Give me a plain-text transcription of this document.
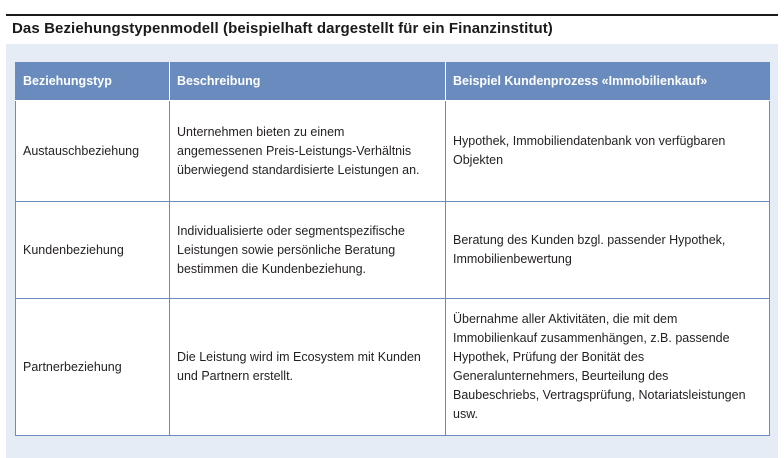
Das Beziehungstypenmodell (beispielhaft dargestellt für ein Finanzinstitut)
Beziehungstyp	Beschreibung	Beispiel Kundenprozess «Immobilienkauf»
Austauschbeziehung	Unternehmen bieten zu einem angemessenen Preis-Leistungs-Verhältnis überwiegend standardisierte Leistungen an.	Hypothek, Immobiliendatenbank von verfügbaren Objekten

Kundenbeziehung	Individualisierte oder segmentspezifische Leistungen sowie persönliche Beratung bestimmen die Kundenbeziehung.	Beratung des Kunden bzgl. passender Hypothek, Immobilienbewertung

Partnerbeziehung	Die Leistung wird im Ecosystem mit Kunden und Partnern erstellt.	Übernahme aller Aktivitäten, die mit dem Immobilienkauf zusammenhängen, z.B. passende Hypothek, Prüfung der Bonität des Generalunternehmers, Beurteilung des Baubeschriebs, Vertragsprüfung, Notariatsleistungen usw.
